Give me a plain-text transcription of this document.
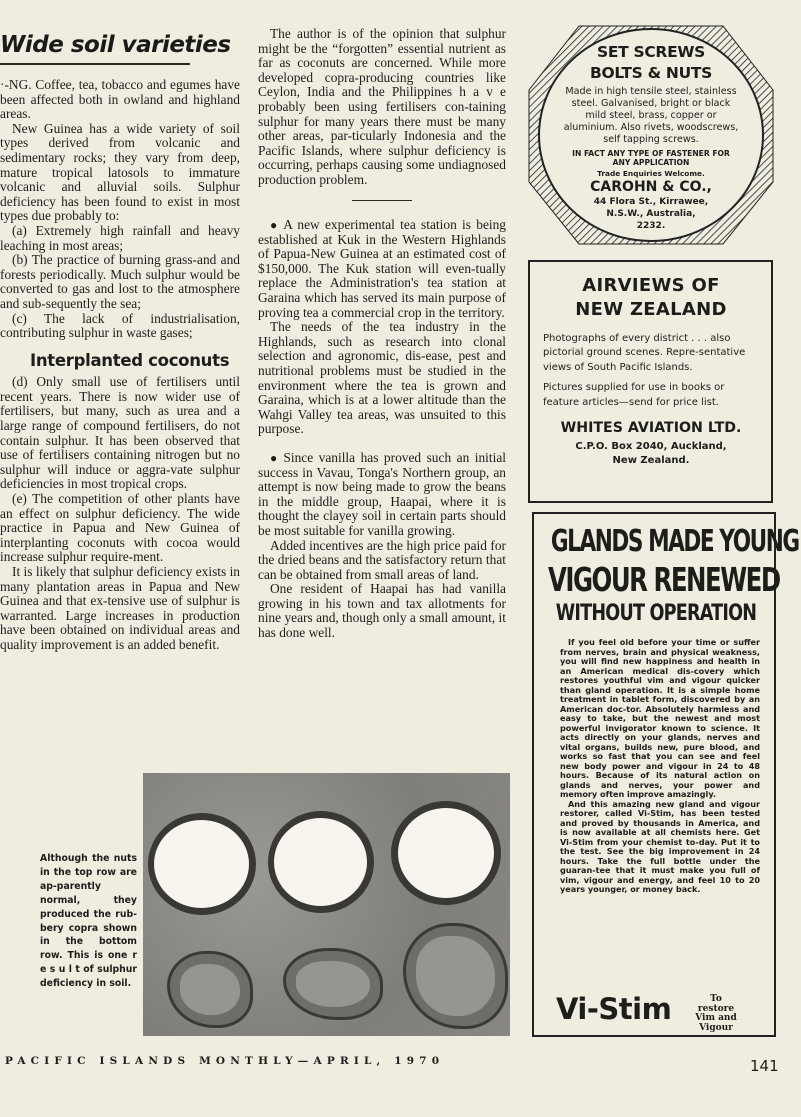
Wide soil varieties

·-NG. Coffee, tea, tobacco and egumes have been affected both in owland and highland areas.

New Guinea has a wide variety of soil types derived from volcanic and sedimentary rocks; they vary from deep, mature tropical latosols to immature volcanic and alluvial soils. Sulphur deficiency has been found to exist in most types due probably to:

(a) Extremely high rainfall and heavy leaching in most areas;

(b) The practice of burning grass-and and forests periodically. Much sulphur would be converted to gas and lost to the atmosphere and sub-sequently the sea;

(c) The lack of industrialisation, contributing sulphur in waste gases;

Interplanted coconuts

(d) Only small use of fertilisers until recent years. There is now wider use of fertilisers, but many, such as urea and a large range of compound fertilisers, do not contain sulphur. It has been observed that use of fertilisers containing nitrogen but no sulphur will induce or aggra-vate sulphur deficiencies in most tropical crops.

(e) The competition of other plants have an effect on sulphur deficiency. The wide practice in Papua and New Guinea of interplanting coconuts with cocoa would increase sulphur require-ment.

It is likely that sulphur deficiency exists in many plantation areas in Papua and New Guinea and that ex-tensive use of sulphur is warranted. Large increases in production have been obtained on individual areas and quality improvement is an added benefit.

The author is of the opinion that sulphur might be the “forgotten” essential nutrient as far as coconuts are concerned. While more developed copra-producing countries like Ceylon, India and the Philippines h a v e probably been using fertilisers con-taining sulphur for many years there must be many other areas, par-ticularly Indonesia and the Pacific Islands, where sulphur deficiency is occurring, perhaps causing some undiagnosed production problem.

● A new experimental tea station is being established at Kuk in the Western Highlands of Papua-New Guinea at an estimated cost of $150,000. The Kuk station will even-tually replace the Administration's tea station at Garaina which has served its main purpose of proving tea a commercial crop in the territory.

The needs of the tea industry in the Highlands, such as research into clonal selection and agronomic, dis-ease, pest and nutritional problems must be studied in the environment where the tea is grown and Garaina, which is at a lower altitude than the Wahgi Valley tea areas, was unsuited to this purpose.

● Since vanilla has proved such an initial success in Vavau, Tonga's Northern group, an attempt is now being made to grow the beans in the middle group, Haapai, where it is thought the clayey soil in certain parts should be most suitable for vanilla growing.

Added incentives are the high price paid for the dried beans and the satisfactory return that can be obtained from small areas of land.

One resident of Haapai has had vanilla growing in his town and tax allotments for nine years and, though only a small amount, it has done well.

Although the nuts in the top row are ap-parently normal, they produced the rub-bery copra shown in the bottom row. This is one r e s u l t of sulphur deficiency in soil.
PACIFIC ISLANDS MONTHLY—APRIL, 1970	141
SET SCREWS
BOLTS & NUTS
Made in high tensile steel, stainless steel. Galvanised, bright or black mild steel, brass, copper or aluminium. Also rivets, woodscrews, self tapping screws.
IN FACT ANY TYPE OF FASTENER FOR ANY APPLICATION
Trade Enquiries Welcome.
CAROHN & CO.,
44 Flora St., Kirrawee,
N.S.W., Australia,
2232.
AIRVIEWS OF
NEW ZEALAND
Photographs of every district . . . also pictorial ground scenes. Repre-sentative views of South Pacific Islands.
Pictures supplied for use in books or feature articles—send for price list.
WHITES AVIATION LTD.
C.P.O. Box 2040, Auckland,
New Zealand.
GLANDS MADE YOUNG
VIGOUR RENEWED
WITHOUT OPERATION

If you feel old before your time or suffer from nerves, brain and physical weakness, you will find new happiness and health in an American medical dis-covery which restores youthful vim and vigour quicker than gland operation. It is a simple home treatment in tablet form, discovered by an American doc-tor. Absolutely harmless and easy to take, but the newest and most powerful invigorator known to science. It acts directly on your glands, nerves and vital organs, builds new, pure blood, and works so fast that you can see and feel new body power and vigour in 24 to 48 hours. Because of its natural action on glands and nerves, your power and memory often improve amazingly.

And this amazing new gland and vigour restorer, called Vi-Stim, has been tested and proved by thousands in America, and is now available at all chemists here. Get Vi-Stim from your chemist to-day. Put it to the test. See the big improvement in 24 hours. Take the full bottle under the guaran-tee that it must make you full of vim, vigour and energy, and feel 10 to 20 years younger, or money back.

Vi-Stim	To restore Vim and Vigour
